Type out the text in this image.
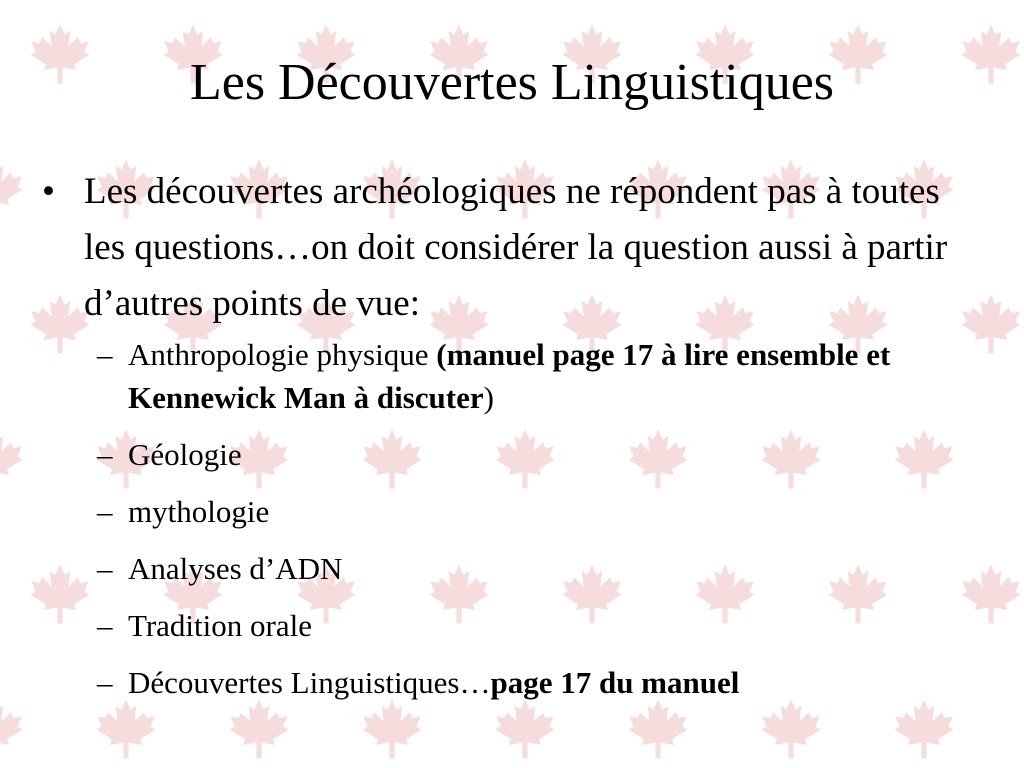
Les Découvertes Linguistiques
• Les découvertes archéologiques ne répondent pas à toutes les questions…on doit considérer la question aussi à partir d’autres points de vue:
– Anthropologie physique (manuel page 17 à lire ensemble et Kennewick Man à discuter)
– Géologie
– mythologie
– Analyses d’ADN
– Tradition orale
– Découvertes Linguistiques…page 17 du manuel
